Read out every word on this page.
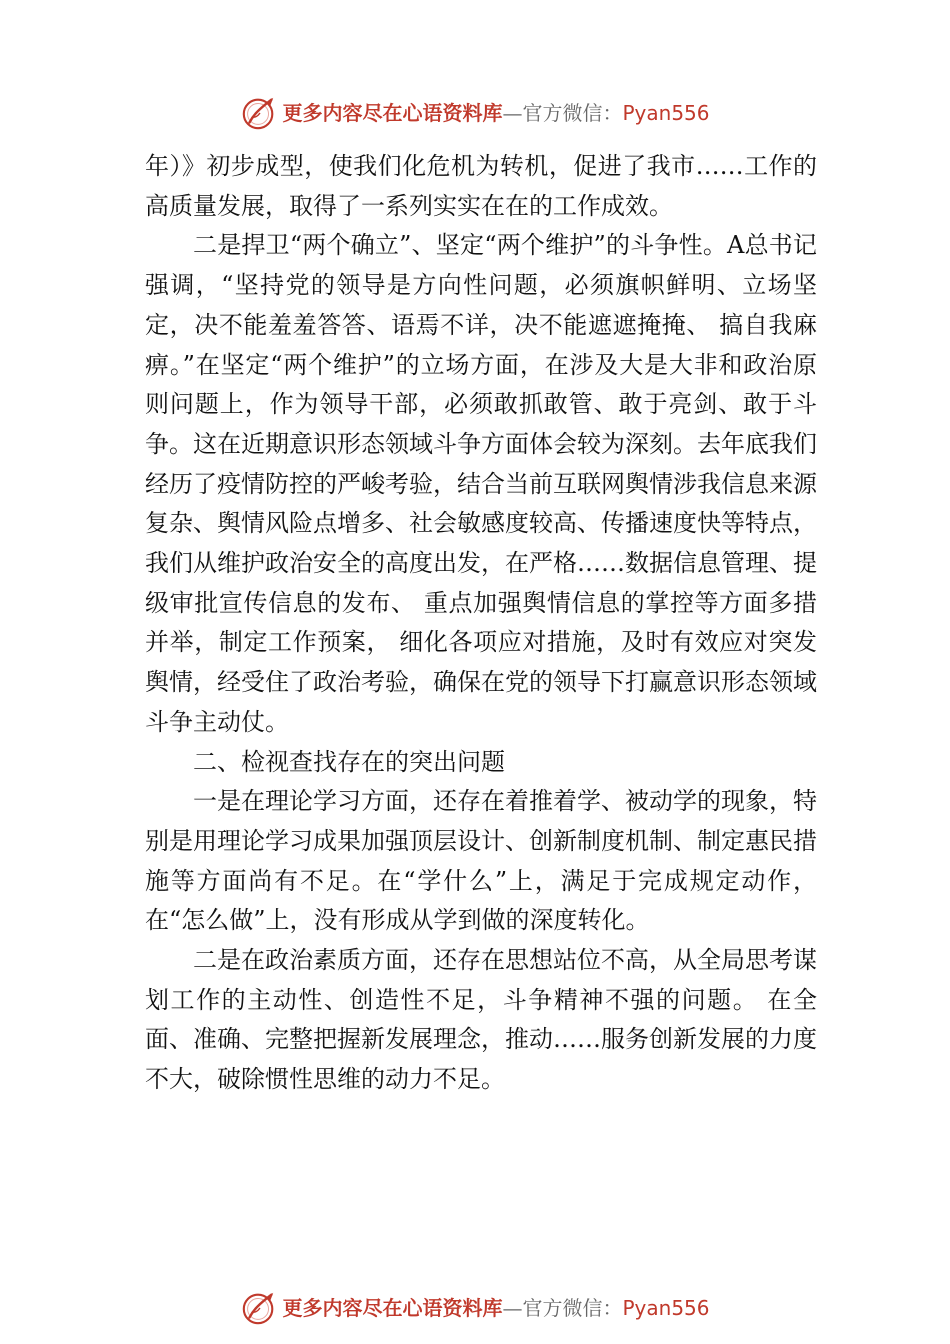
更多内容尽在心语资料库—官方微信：Pyan556

年）》初步成型，使我们化危机为转机，促进了我市……工作的高质量发展，取得了一系列实实在在的工作成效。

二是捍卫“两个确立”、坚定“两个维护”的斗争性。A总书记强调，“坚持党的领导是方向性问题，必须旗帜鲜明、立场坚定，决不能羞羞答答、语焉不详，决不能遮遮掩掩、 搞自我麻痹。”在坚定“两个维护”的立场方面，在涉及大是大非和政治原则问题上，作为领导干部，必须敢抓敢管、敢于亮剑、敢于斗争。这在近期意识形态领域斗争方面体会较为深刻。去年底我们经历了疫情防控的严峻考验，结合当前互联网舆情涉我信息来源复杂、舆情风险点增多、社会敏感度较高、传播速度快等特点，我们从维护政治安全的高度出发，在严格……数据信息管理、提级审批宣传信息的发布、 重点加强舆情信息的掌控等方面多措并举，制定工作预案， 细化各项应对措施，及时有效应对突发舆情，经受住了政治考验，确保在党的领导下打赢意识形态领域斗争主动仗。

二、检视查找存在的突出问题

一是在理论学习方面，还存在着推着学、被动学的现象，特别是用理论学习成果加强顶层设计、创新制度机制、制定惠民措施等方面尚有不足。在“学什么”上，满足于完成规定动作，在“怎么做”上，没有形成从学到做的深度转化。

二是在政治素质方面，还存在思想站位不高，从全局思考谋划工作的主动性、创造性不足，斗争精神不强的问题。 在全面、准确、完整把握新发展理念，推动……服务创新发展的力度不大，破除惯性思维的动力不足。

更多内容尽在心语资料库—官方微信：Pyan556
